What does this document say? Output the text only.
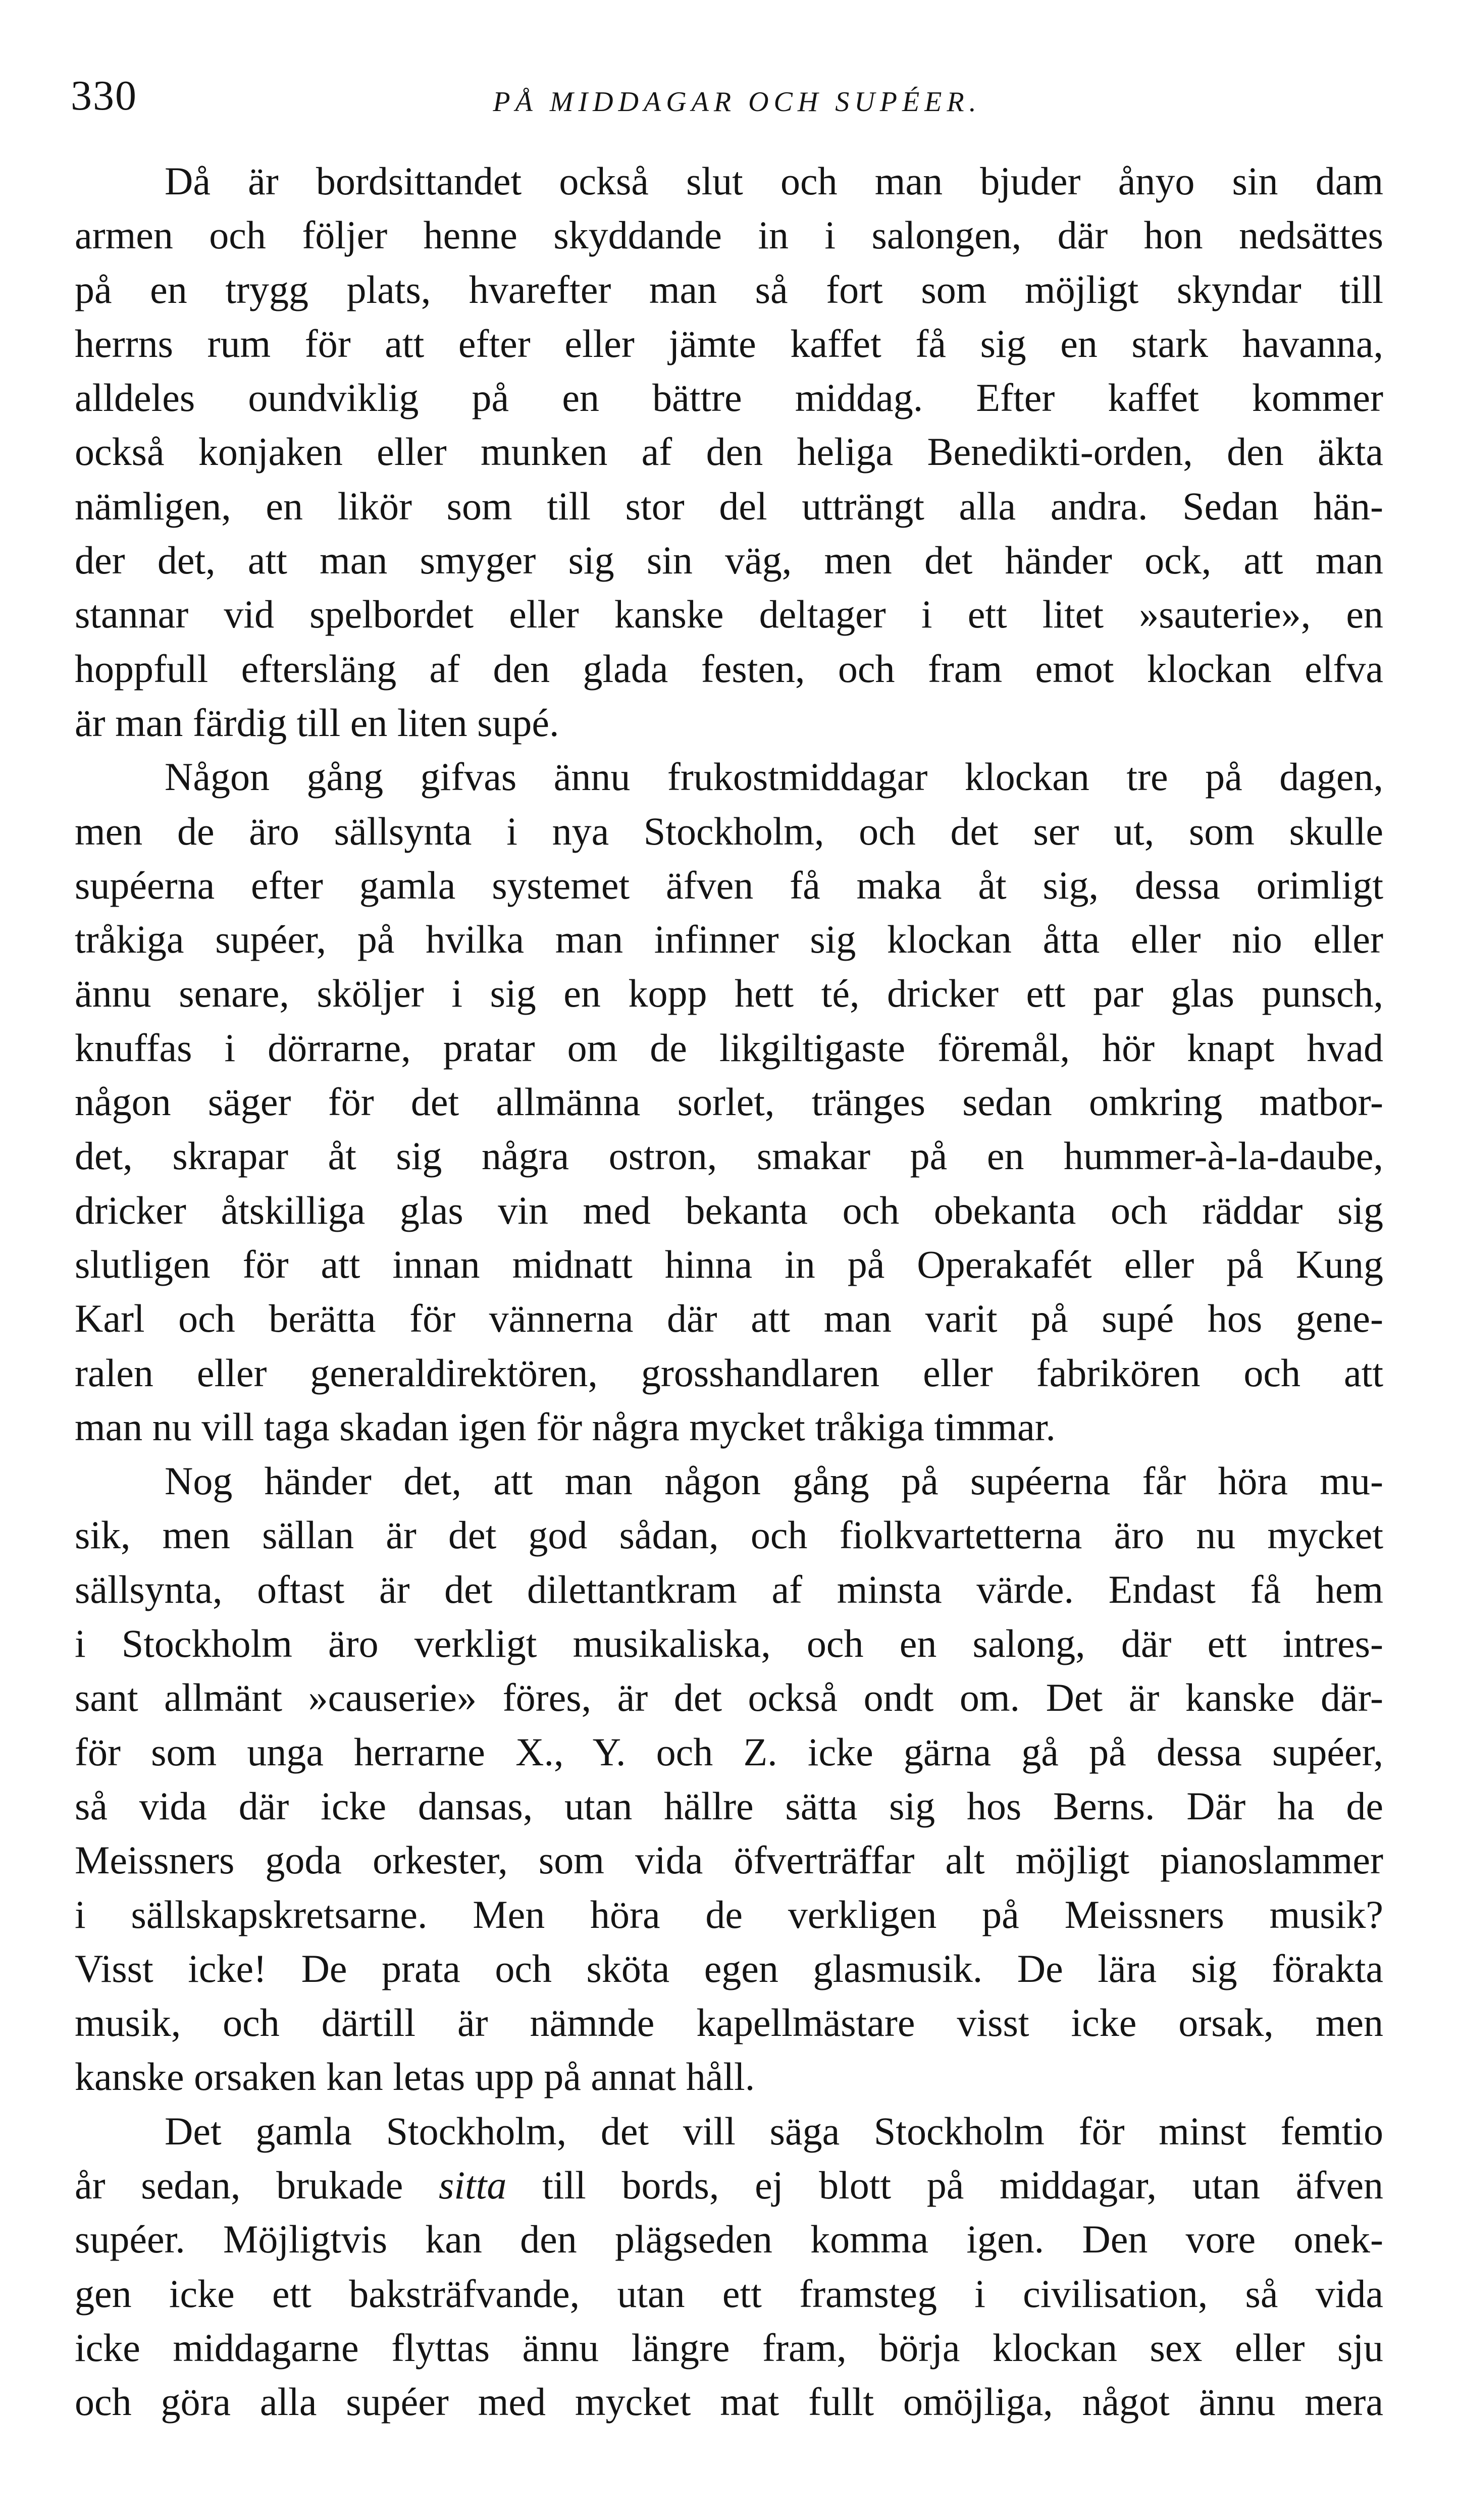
330	PÅ MIDDAGAR OCH SUPÉER.
Då är bordsittandet också slut och man bjuder ånyo sin dam
armen och följer henne skyddande in i salongen, där hon nedsättes
på en trygg plats, hvarefter man så fort som möjligt skyndar till
herrns rum för att efter eller jämte kaffet få sig en stark havanna,
alldeles oundviklig på en bättre middag. Efter kaffet kommer
också konjaken eller munken af den heliga Benedikti-orden, den äkta
nämligen, en likör som till stor del utträngt alla andra. Sedan hän-
der det, att man smyger sig sin väg, men det händer ock, att man
stannar vid spelbordet eller kanske deltager i ett litet »sauterie», en
hoppfull eftersläng af den glada festen, och fram emot klockan elfva
är man färdig till en liten supé.
Någon gång gifvas ännu frukostmiddagar klockan tre på dagen,
men de äro sällsynta i nya Stockholm, och det ser ut, som skulle
supéerna efter gamla systemet äfven få maka åt sig, dessa orimligt
tråkiga supéer, på hvilka man infinner sig klockan åtta eller nio eller
ännu senare, sköljer i sig en kopp hett té, dricker ett par glas punsch,
knuffas i dörrarne, pratar om de likgiltigaste föremål, hör knapt hvad
någon säger för det allmänna sorlet, tränges sedan omkring matbor-
det, skrapar åt sig några ostron, smakar på en hummer-à-la-daube,
dricker åtskilliga glas vin med bekanta och obekanta och räddar sig
slutligen för att innan midnatt hinna in på Operakafét eller på Kung
Karl och berätta för vännerna där att man varit på supé hos gene-
ralen eller generaldirektören, grosshandlaren eller fabrikören och att
man nu vill taga skadan igen för några mycket tråkiga timmar.
Nog händer det, att man någon gång på supéerna får höra mu-
sik, men sällan är det god sådan, och fiolkvartetterna äro nu mycket
sällsynta, oftast är det dilettantkram af minsta värde. Endast få hem
i Stockholm äro verkligt musikaliska, och en salong, där ett intres-
sant allmänt »causerie» föres, är det också ondt om. Det är kanske där-
för som unga herrarne X., Y. och Z. icke gärna gå på dessa supéer,
så vida där icke dansas, utan hällre sätta sig hos Berns. Där ha de
Meissners goda orkester, som vida öfverträffar alt möjligt pianoslammer
i sällskapskretsarne. Men höra de verkligen på Meissners musik?
Visst icke! De prata och sköta egen glasmusik. De lära sig förakta
musik, och därtill är nämnde kapellmästare visst icke orsak, men
kanske orsaken kan letas upp på annat håll.
Det gamla Stockholm, det vill säga Stockholm för minst femtio
år sedan, brukade sitta till bords, ej blott på middagar, utan äfven
supéer. Möjligtvis kan den plägseden komma igen. Den vore onek-
gen icke ett baksträfvande, utan ett framsteg i civilisation, så vida
icke middagarne flyttas ännu längre fram, börja klockan sex eller sju
och göra alla supéer med mycket mat fullt omöjliga, något ännu mera
